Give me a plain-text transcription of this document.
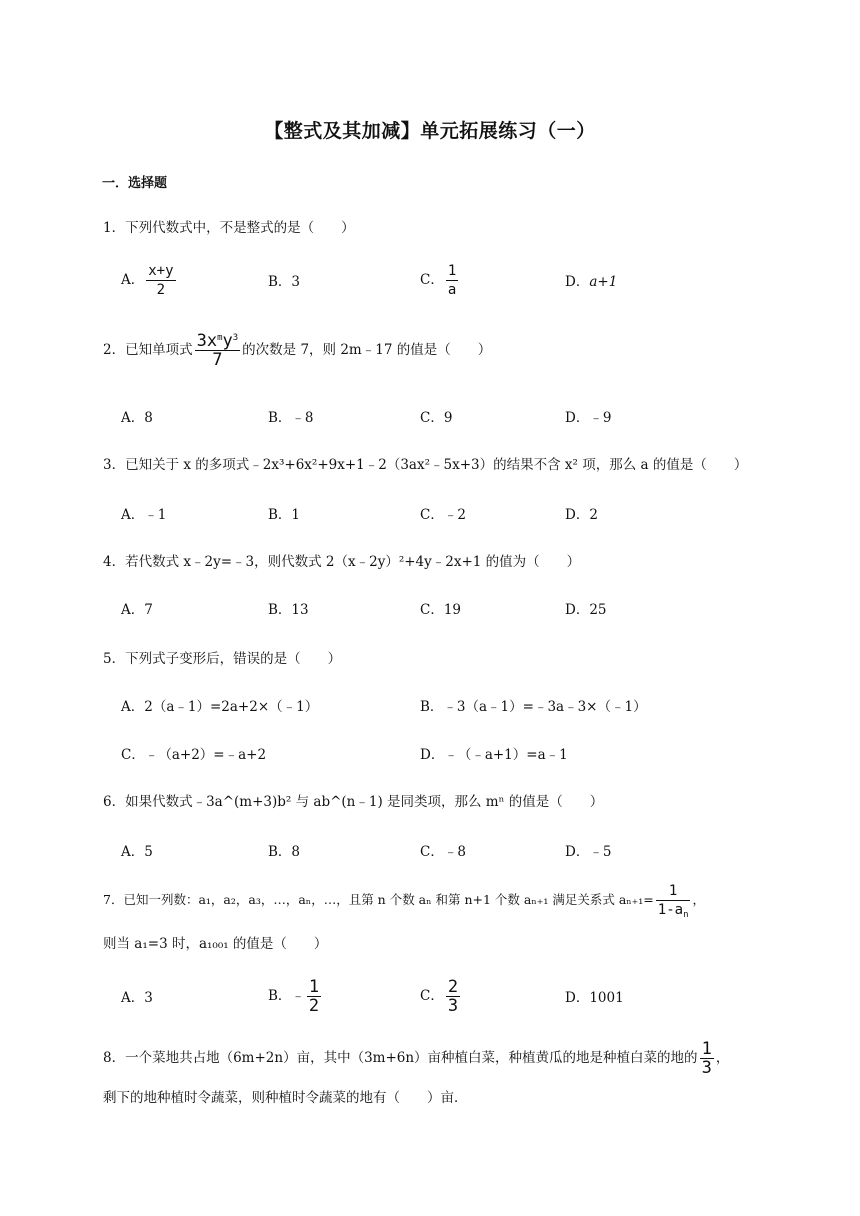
【整式及其加减】单元拓展练习（一）
一．选择题
1．下列代数式中，不是整式的是（　　）
A． $\frac{x+y}{2}$	B．3	C． $\frac{1}{a}$	D．a+1
2．已知单项式 $\frac{3x^my^3}{7}$ 的次数是 7，则 2m﹣17 的值是（　　）
A．8	B．﹣8	C．9	D．﹣9
3．已知关于 x 的多项式﹣2x³+6x²+9x+1﹣2（3ax²﹣5x+3）的结果不含 x² 项，那么 a 的值是（　　）
A．﹣1	B．1	C．﹣2	D．2
4．若代数式 x﹣2y=﹣3，则代数式 2（x﹣2y）²+4y﹣2x+1 的值为（　　）
A．7	B．13	C．19	D．25
5．下列式子变形后，错误的是（　　）
A．2（a﹣1）=2a+2×（﹣1）	B．﹣3（a﹣1）=﹣3a﹣3×（﹣1）
C．﹣（a+2）=﹣a+2	D．﹣（﹣a+1）=a﹣1
6．如果代数式﹣3a^(m+3)b² 与 ab^(n﹣1) 是同类项，那么 mⁿ 的值是（　　）
A．5	B．8	C．﹣8	D．﹣5
7．已知一列数：a₁，a₂，a₃，…，aₙ，…，且第 n 个数 aₙ 和第 n+1 个数 aₙ₊₁ 满足关系式 $a_{n+1}= \frac{1}{1-a_n}$ ，
则当 a₁=3 时，a₁₀₀₁ 的值是（　　）
A．3	B．﹣ $\frac{1}{2}$	C． $\frac{2}{3}$	D．1001
8．一个菜地共占地（6m+2n）亩，其中（3m+6n）亩种植白菜，种植黄瓜的地是种植白菜的地的 $\frac{1}{3}$ ，
剩下的地种植时令蔬菜，则种植时令蔬菜的地有（　　）亩．
